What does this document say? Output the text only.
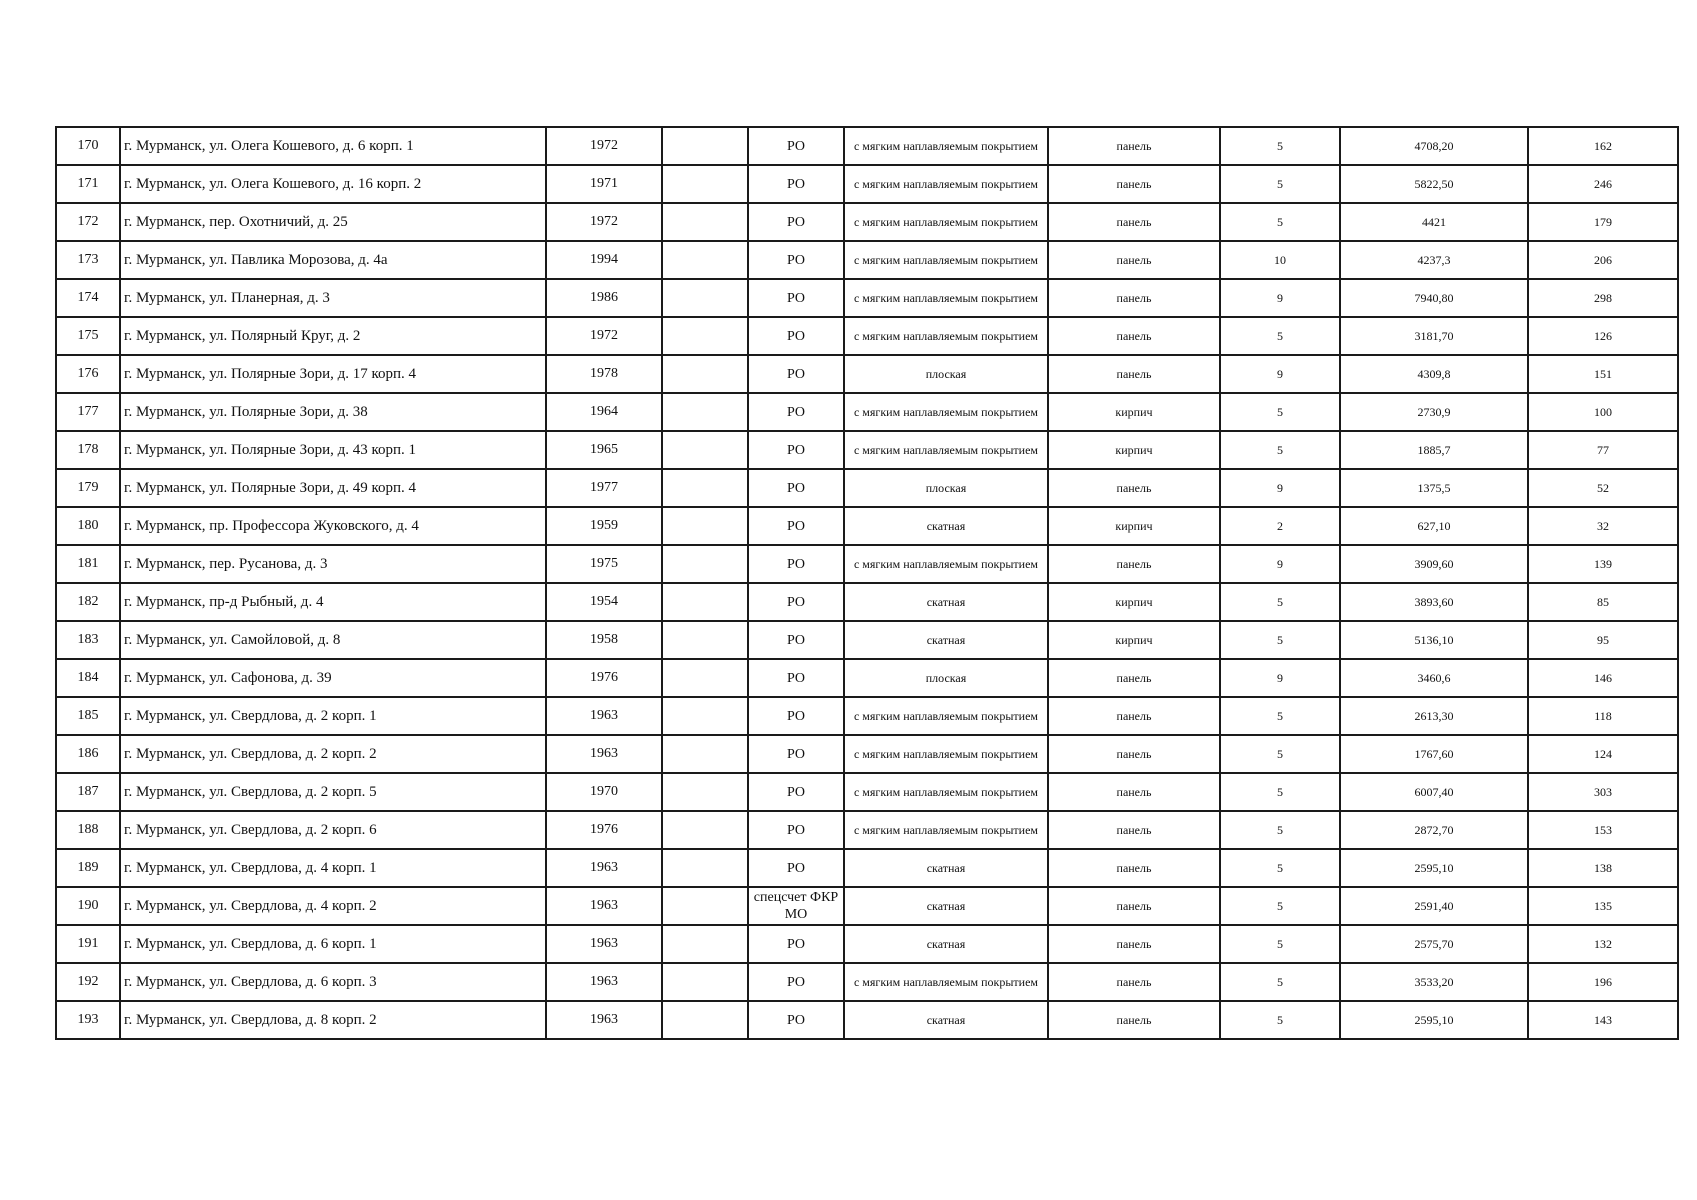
170	г. Мурманск, ул. Олега Кошевого, д. 6 корп. 1	1972		РО	с мягким наплавляемым покрытием	панель	5	4708,20	162
171	г. Мурманск, ул. Олега Кошевого, д. 16 корп. 2	1971		РО	с мягким наплавляемым покрытием	панель	5	5822,50	246
172	г. Мурманск, пер. Охотничий, д. 25	1972		РО	с мягким наплавляемым покрытием	панель	5	4421	179
173	г. Мурманск, ул. Павлика Морозова, д. 4а	1994		РО	с мягким наплавляемым покрытием	панель	10	4237,3	206
174	г. Мурманск, ул. Планерная, д. 3	1986		РО	с мягким наплавляемым покрытием	панель	9	7940,80	298
175	г. Мурманск, ул. Полярный Круг, д. 2	1972		РО	с мягким наплавляемым покрытием	панель	5	3181,70	126
176	г. Мурманск, ул. Полярные Зори, д. 17 корп. 4	1978		РО	плоская	панель	9	4309,8	151
177	г. Мурманск, ул. Полярные Зори, д. 38	1964		РО	с мягким наплавляемым покрытием	кирпич	5	2730,9	100
178	г. Мурманск, ул. Полярные Зори, д. 43 корп. 1	1965		РО	с мягким наплавляемым покрытием	кирпич	5	1885,7	77
179	г. Мурманск, ул. Полярные Зори, д. 49 корп. 4	1977		РО	плоская	панель	9	1375,5	52
180	г. Мурманск, пр. Профессора Жуковского, д. 4	1959		РО	скатная	кирпич	2	627,10	32
181	г. Мурманск, пер. Русанова, д. 3	1975		РО	с мягким наплавляемым покрытием	панель	9	3909,60	139
182	г. Мурманск, пр-д Рыбный, д. 4	1954		РО	скатная	кирпич	5	3893,60	85
183	г. Мурманск, ул. Самойловой, д. 8	1958		РО	скатная	кирпич	5	5136,10	95
184	г. Мурманск, ул. Сафонова, д. 39	1976		РО	плоская	панель	9	3460,6	146
185	г. Мурманск, ул. Свердлова, д. 2 корп. 1	1963		РО	с мягким наплавляемым покрытием	панель	5	2613,30	118
186	г. Мурманск, ул. Свердлова, д. 2 корп. 2	1963		РО	с мягким наплавляемым покрытием	панель	5	1767,60	124
187	г. Мурманск, ул. Свердлова, д. 2 корп. 5	1970		РО	с мягким наплавляемым покрытием	панель	5	6007,40	303
188	г. Мурманск, ул. Свердлова, д. 2 корп. 6	1976		РО	с мягким наплавляемым покрытием	панель	5	2872,70	153
189	г. Мурманск, ул. Свердлова, д. 4 корп. 1	1963		РО	скатная	панель	5	2595,10	138
190	г. Мурманск, ул. Свердлова, д. 4 корп. 2	1963		спецсчет ФКР МО	скатная	панель	5	2591,40	135
191	г. Мурманск, ул. Свердлова, д. 6 корп. 1	1963		РО	скатная	панель	5	2575,70	132
192	г. Мурманск, ул. Свердлова, д. 6 корп. 3	1963		РО	с мягким наплавляемым покрытием	панель	5	3533,20	196
193	г. Мурманск, ул. Свердлова, д. 8 корп. 2	1963		РО	скатная	панель	5	2595,10	143
